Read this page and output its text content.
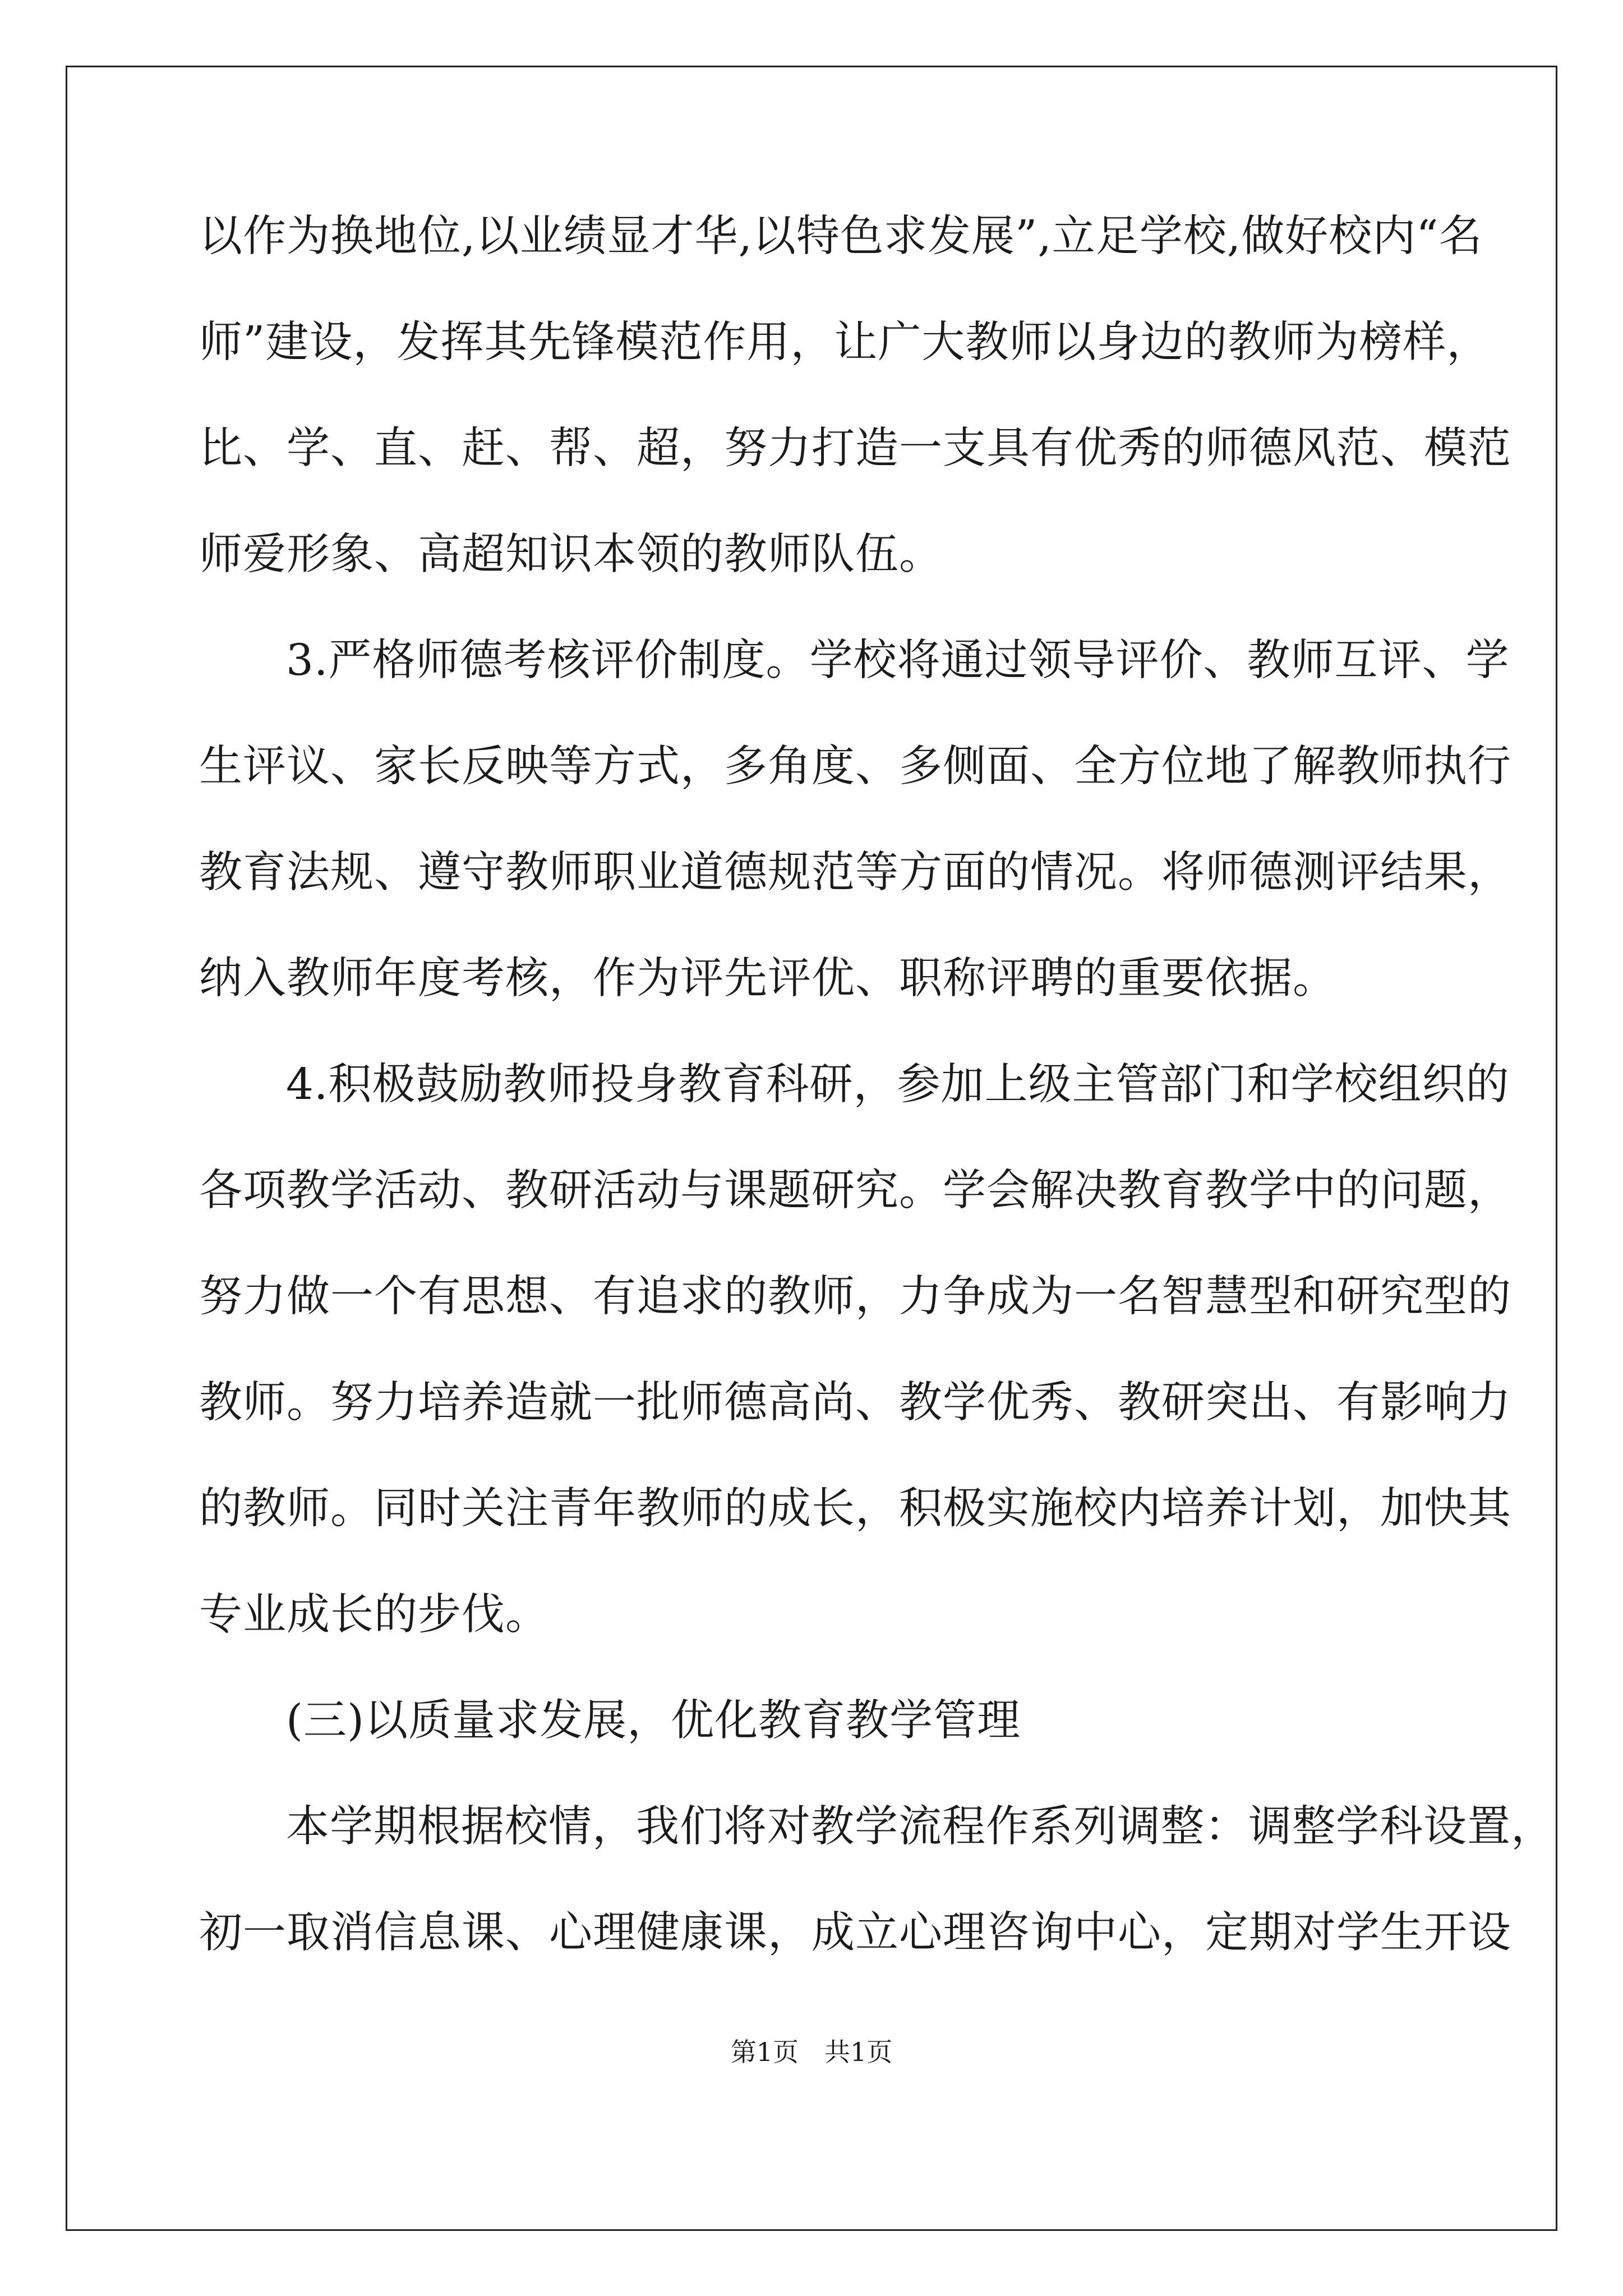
以作为换地位,以业绩显才华,以特色求发展”,立足学校,做好校内“名

师”建设，发挥其先锋模范作用，让广大教师以身边的教师为榜样，

比、学、直、赶、帮、超，努力打造一支具有优秀的师德风范、模范

师爱形象、高超知识本领的教师队伍。

3.严格师德考核评价制度。学校将通过领导评价、教师互评、学

生评议、家长反映等方式，多角度、多侧面、全方位地了解教师执行

教育法规、遵守教师职业道德规范等方面的情况。将师德测评结果，

纳入教师年度考核，作为评先评优、职称评聘的重要依据。

4.积极鼓励教师投身教育科研，参加上级主管部门和学校组织的

各项教学活动、教研活动与课题研究。学会解决教育教学中的问题，

努力做一个有思想、有追求的教师，力争成为一名智慧型和研究型的

教师。努力培养造就一批师德高尚、教学优秀、教研突出、有影响力

的教师。同时关注青年教师的成长，积极实施校内培养计划，加快其

专业成长的步伐。

(三)以质量求发展，优化教育教学管理

本学期根据校情，我们将对教学流程作系列调整：调整学科设置，

初一取消信息课、心理健康课，成立心理咨询中心，定期对学生开设

第1页 共1页
